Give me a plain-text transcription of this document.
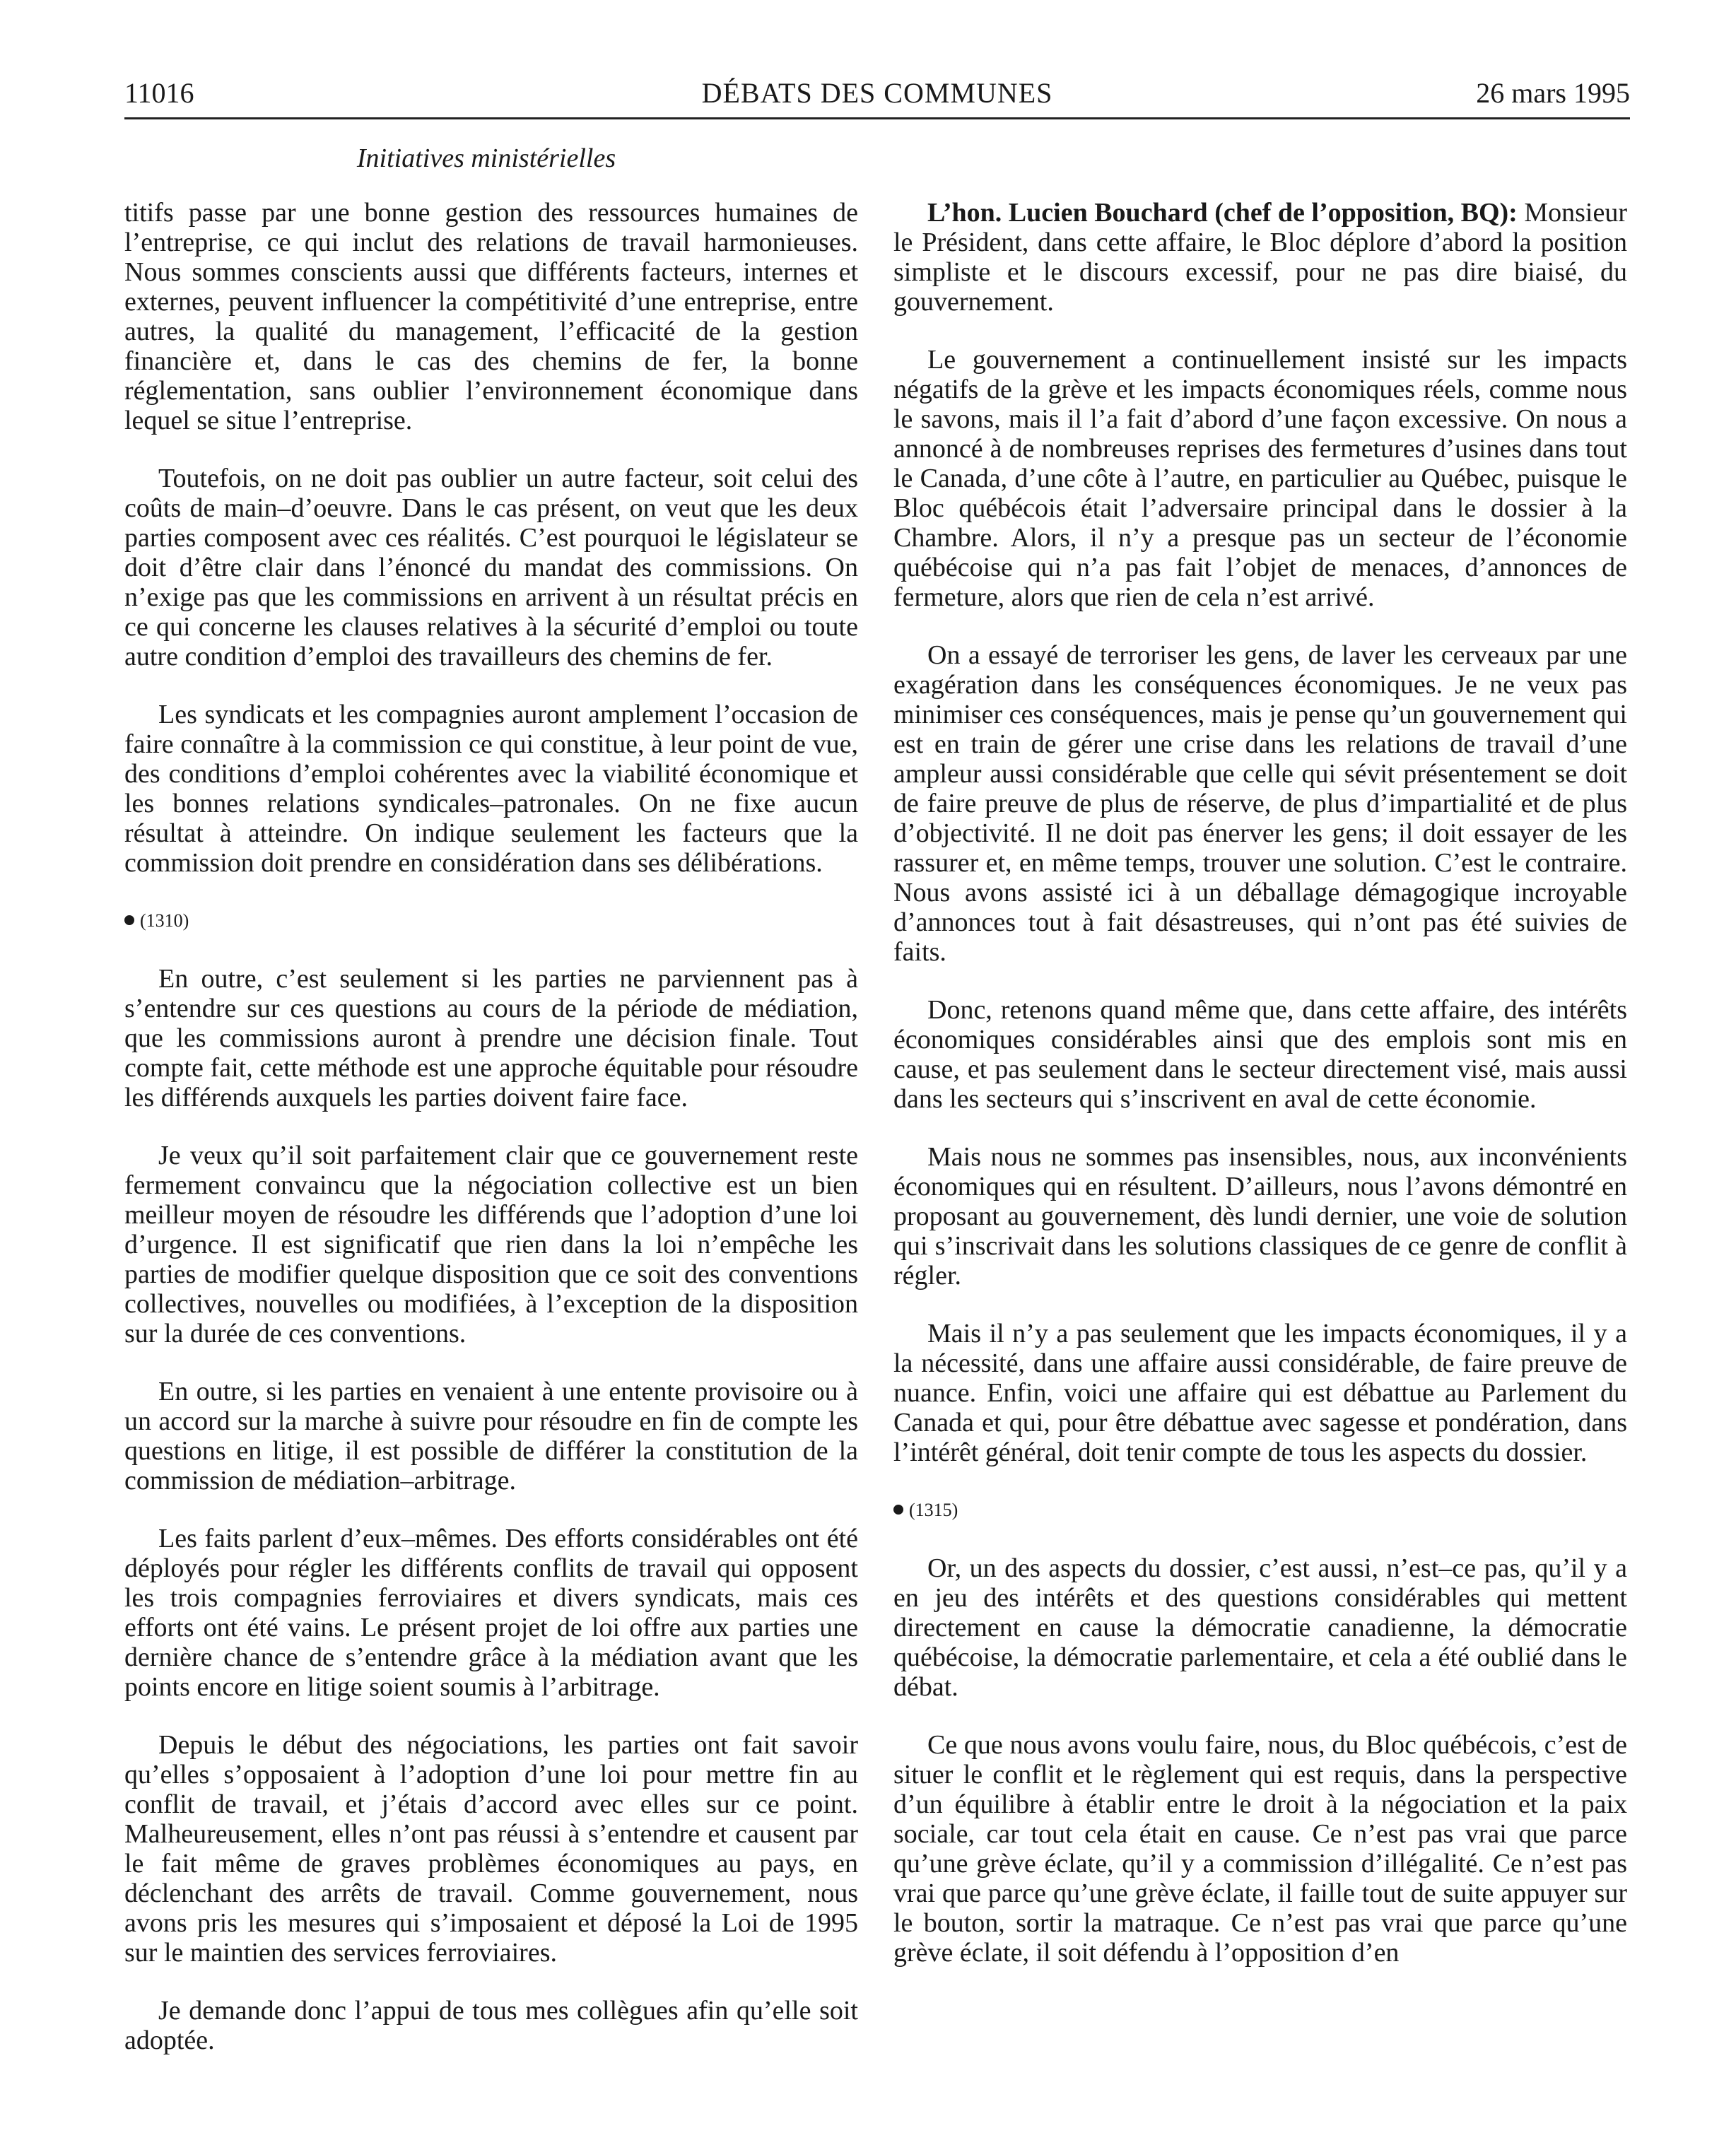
11016	DÉBATS DES COMMUNES	26 mars 1995
Initiatives ministérielles

titifs passe par une bonne gestion des ressources humaines de l’entreprise, ce qui inclut des relations de travail harmonieuses. Nous sommes conscients aussi que différents facteurs, internes et externes, peuvent influencer la compétitivité d’une entreprise, entre autres, la qualité du management, l’efficacité de la gestion financière et, dans le cas des chemins de fer, la bonne réglementation, sans oublier l’environnement économique dans lequel se situe l’entreprise.

Toutefois, on ne doit pas oublier un autre facteur, soit celui des coûts de main–d’oeuvre. Dans le cas présent, on veut que les deux parties composent avec ces réalités. C’est pourquoi le législateur se doit d’être clair dans l’énoncé du mandat des commissions. On n’exige pas que les commissions en arrivent à un résultat précis en ce qui concerne les clauses relatives à la sécurité d’emploi ou toute autre condition d’emploi des travailleurs des chemins de fer.

Les syndicats et les compagnies auront amplement l’occasion de faire connaître à la commission ce qui constitue, à leur point de vue, des conditions d’emploi cohérentes avec la viabilité économique et les bonnes relations syndicales–patronales. On ne fixe aucun résultat à atteindre. On indique seulement les facteurs que la commission doit prendre en considération dans ses délibérations.

(1310)

En outre, c’est seulement si les parties ne parviennent pas à s’entendre sur ces questions au cours de la période de médiation, que les commissions auront à prendre une décision finale. Tout compte fait, cette méthode est une approche équitable pour résoudre les différends auxquels les parties doivent faire face.

Je veux qu’il soit parfaitement clair que ce gouvernement reste fermement convaincu que la négociation collective est un bien meilleur moyen de résoudre les différends que l’adoption d’une loi d’urgence. Il est significatif que rien dans la loi n’empêche les parties de modifier quelque disposition que ce soit des conventions collectives, nouvelles ou modifiées, à l’exception de la disposition sur la durée de ces conventions.

En outre, si les parties en venaient à une entente provisoire ou à un accord sur la marche à suivre pour résoudre en fin de compte les questions en litige, il est possible de différer la constitution de la commission de médiation–arbitrage.

Les faits parlent d’eux–mêmes. Des efforts considérables ont été déployés pour régler les différents conflits de travail qui opposent les trois compagnies ferroviaires et divers syndicats, mais ces efforts ont été vains. Le présent projet de loi offre aux parties une dernière chance de s’entendre grâce à la médiation avant que les points encore en litige soient soumis à l’arbitrage.

Depuis le début des négociations, les parties ont fait savoir qu’elles s’opposaient à l’adoption d’une loi pour mettre fin au conflit de travail, et j’étais d’accord avec elles sur ce point. Malheureusement, elles n’ont pas réussi à s’entendre et causent par le fait même de graves problèmes économiques au pays, en déclenchant des arrêts de travail. Comme gouvernement, nous avons pris les mesures qui s’imposaient et déposé la Loi de 1995 sur le maintien des services ferroviaires.

Je demande donc l’appui de tous mes collègues afin qu’elle soit adoptée.

L’hon. Lucien Bouchard (chef de l’opposition, BQ): Monsieur le Président, dans cette affaire, le Bloc déplore d’abord la position simpliste et le discours excessif, pour ne pas dire biaisé, du gouvernement.

Le gouvernement a continuellement insisté sur les impacts négatifs de la grève et les impacts économiques réels, comme nous le savons, mais il l’a fait d’abord d’une façon excessive. On nous a annoncé à de nombreuses reprises des fermetures d’usines dans tout le Canada, d’une côte à l’autre, en particulier au Québec, puisque le Bloc québécois était l’adversaire principal dans le dossier à la Chambre. Alors, il n’y a presque pas un secteur de l’économie québécoise qui n’a pas fait l’objet de menaces, d’annonces de fermeture, alors que rien de cela n’est arrivé.

On a essayé de terroriser les gens, de laver les cerveaux par une exagération dans les conséquences économiques. Je ne veux pas minimiser ces conséquences, mais je pense qu’un gouvernement qui est en train de gérer une crise dans les relations de travail d’une ampleur aussi considérable que celle qui sévit présentement se doit de faire preuve de plus de réserve, de plus d’impartialité et de plus d’objectivité. Il ne doit pas énerver les gens; il doit essayer de les rassurer et, en même temps, trouver une solution. C’est le contraire. Nous avons assisté ici à un déballage démagogique incroyable d’annonces tout à fait désastreuses, qui n’ont pas été suivies de faits.

Donc, retenons quand même que, dans cette affaire, des intérêts économiques considérables ainsi que des emplois sont mis en cause, et pas seulement dans le secteur directement visé, mais aussi dans les secteurs qui s’inscrivent en aval de cette économie.

Mais nous ne sommes pas insensibles, nous, aux inconvénients économiques qui en résultent. D’ailleurs, nous l’avons démontré en proposant au gouvernement, dès lundi dernier, une voie de solution qui s’inscrivait dans les solutions classiques de ce genre de conflit à régler.

Mais il n’y a pas seulement que les impacts économiques, il y a la nécessité, dans une affaire aussi considérable, de faire preuve de nuance. Enfin, voici une affaire qui est débattue au Parlement du Canada et qui, pour être débattue avec sagesse et pondération, dans l’intérêt général, doit tenir compte de tous les aspects du dossier.

(1315)

Or, un des aspects du dossier, c’est aussi, n’est–ce pas, qu’il y a en jeu des intérêts et des questions considérables qui mettent directement en cause la démocratie canadienne, la démocratie québécoise, la démocratie parlementaire, et cela a été oublié dans le débat.

Ce que nous avons voulu faire, nous, du Bloc québécois, c’est de situer le conflit et le règlement qui est requis, dans la perspective d’un équilibre à établir entre le droit à la négociation et la paix sociale, car tout cela était en cause. Ce n’est pas vrai que parce qu’une grève éclate, qu’il y a commission d’illégalité. Ce n’est pas vrai que parce qu’une grève éclate, il faille tout de suite appuyer sur le bouton, sortir la matraque. Ce n’est pas vrai que parce qu’une grève éclate, il soit défendu à l’opposition d’en
